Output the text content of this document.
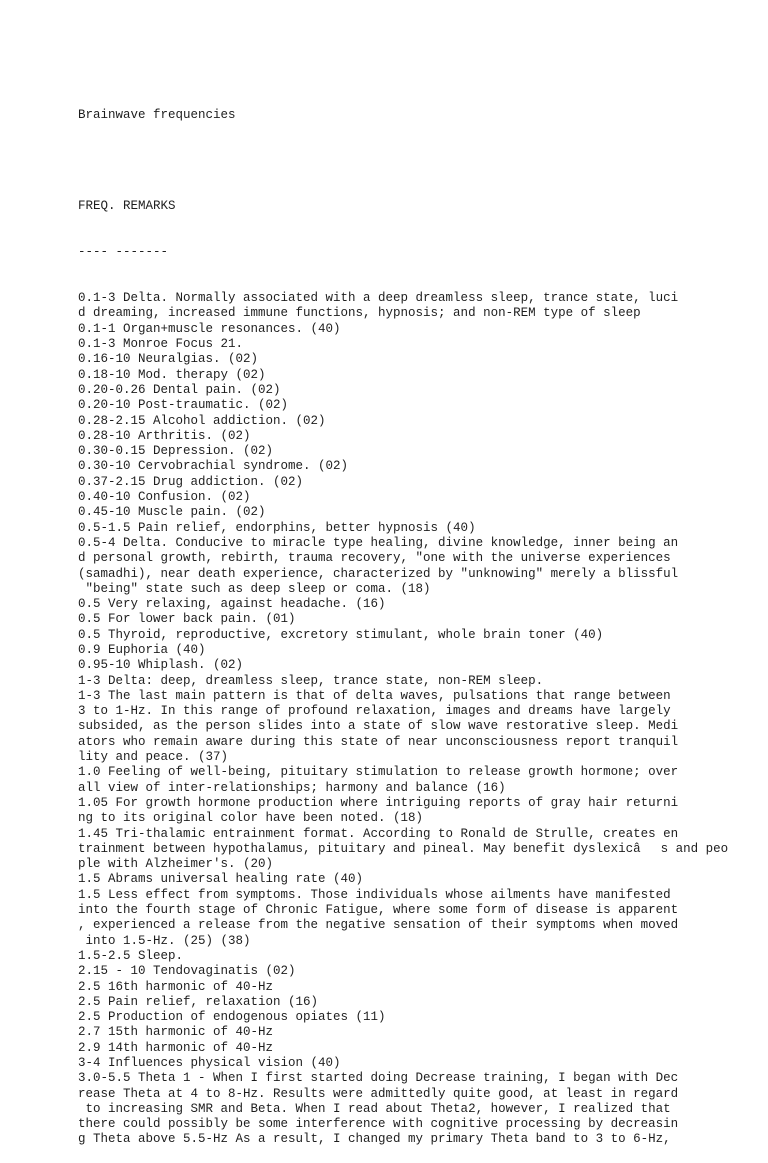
Brainwave frequencies

FREQ. REMARKS

---- -------

0.1-3 Delta. Normally associated with a deep dreamless sleep, trance state, luci
d dreaming, increased immune functions, hypnosis; and non-REM type of sleep
0.1-1 Organ+muscle resonances. (40)
0.1-3 Monroe Focus 21.
0.16-10 Neuralgias. (02)
0.18-10 Mod. therapy (02)
0.20-0.26 Dental pain. (02)
0.20-10 Post-traumatic. (02)
0.28-2.15 Alcohol addiction. (02)
0.28-10 Arthritis. (02)
0.30-0.15 Depression. (02)
0.30-10 Cervobrachial syndrome. (02)
0.37-2.15 Drug addiction. (02)
0.40-10 Confusion. (02)
0.45-10 Muscle pain. (02)
0.5-1.5 Pain relief, endorphins, better hypnosis (40)
0.5-4 Delta. Conducive to miracle type healing, divine knowledge, inner being an
d personal growth, rebirth, trauma recovery, "one with the universe experiences
(samadhi), near death experience, characterized by "unknowing" merely a blissful
"being" state such as deep sleep or coma. (18)
0.5 Very relaxing, against headache. (16)
0.5 For lower back pain. (01)
0.5 Thyroid, reproductive, excretory stimulant, whole brain toner (40)
0.9 Euphoria (40)
0.95-10 Whiplash. (02)
1-3 Delta: deep, dreamless sleep, trance state, non-REM sleep.
1-3 The last main pattern is that of delta waves, pulsations that range between
3 to 1-Hz. In this range of profound relaxation, images and dreams have largely
subsided, as the person slides into a state of slow wave restorative sleep. Medi
ators who remain aware during this state of near unconsciousness report tranquil
lity and peace. (37)
1.0 Feeling of well-being, pituitary stimulation to release growth hormone; over
all view of inter-relationships; harmony and balance (16)
1.05 For growth hormone production where intriguing reports of gray hair returni
ng to its original color have been noted. (18)
1.45 Tri-thalamic entrainment format. According to Ronald de Strulle, creates en
trainment between hypothalamus, pituitary and pineal. May benefit dyslexicâs and peo
ple with Alzheimer's. (20)
1.5 Abrams universal healing rate (40)
1.5 Less effect from symptoms. Those individuals whose ailments have manifested
into the fourth stage of Chronic Fatigue, where some form of disease is apparent
, experienced a release from the negative sensation of their symptoms when moved
into 1.5-Hz. (25) (38)
1.5-2.5 Sleep.
2.15 - 10 Tendovaginatis (02)
2.5 16th harmonic of 40-Hz
2.5 Pain relief, relaxation (16)
2.5 Production of endogenous opiates (11)
2.7 15th harmonic of 40-Hz
2.9 14th harmonic of 40-Hz
3-4 Influences physical vision (40)
3.0-5.5 Theta 1 - When I first started doing Decrease training, I began with Dec
rease Theta at 4 to 8-Hz. Results were admittedly quite good, at least in regard
to increasing SMR and Beta. When I read about Theta2, however, I realized that
there could possibly be some interference with cognitive processing by decreasin
g Theta above 5.5-Hz As a result, I changed my primary Theta band to 3 to 6-Hz,
